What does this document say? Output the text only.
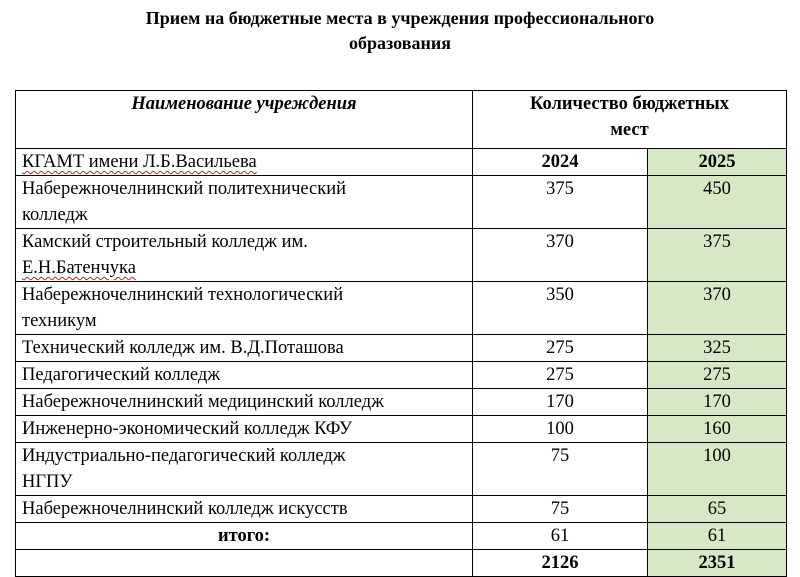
Прием на бюджетные места в учреждения профессионального
образования
Наименование учреждения	Количество бюджетных
мест	

КГАМТ имени Л.Б.Васильева	2024	2025

Набережночелнинский политехнический
колледж	375	450

Камский строительный колледж им.
Е.Н.Батенчука	370	375

Набережночелнинский технологический
техникум	350	370
Технический колледж им. В.Д.Поташова	275	325
Педагогический колледж	275	275
Набережночелнинский медицинский колледж	170	170
Инженерно-экономический колледж КФУ	100	160

Индустриально-педагогический колледж
НГПУ	75	100
Набережночелнинский колледж искусств	75	65
итого:	61	61
	2126	2351
